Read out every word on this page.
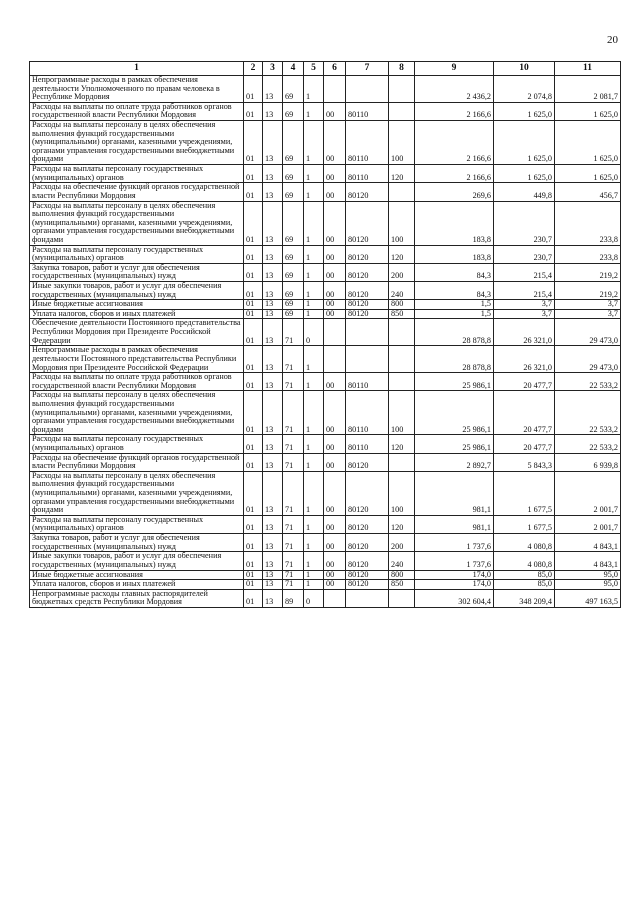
20
1	2	3	4	5	6	7	8	9	10	11
Непрограммные расходы в рамках обеспечения деятельности Уполномоченного по правам человека в Республике Мордовия	01	13	69	1				2 436,2	2 074,8	2 081,7
Расходы на выплаты по оплате труда работников органов государственной власти Республики Мордовия	01	13	69	1	00	80110		2 166,6	1 625,0	1 625,0
Расходы на выплаты персоналу в целях обеспечения выполнения функций государственными (муниципальными) органами, казенными учреждениями, органами управления государственными внебюджетными фондами	01	13	69	1	00	80110	100	2 166,6	1 625,0	1 625,0
Расходы на выплаты персоналу государственных (муниципальных) органов	01	13	69	1	00	80110	120	2 166,6	1 625,0	1 625,0
Расходы на обеспечение функций органов государственной власти Республики Мордовия	01	13	69	1	00	80120		269,6	449,8	456,7
Расходы на выплаты персоналу в целях обеспечения выполнения функций государственными (муниципальными) органами, казенными учреждениями, органами управления государственными внебюджетными фондами	01	13	69	1	00	80120	100	183,8	230,7	233,8
Расходы на выплаты персоналу государственных (муниципальных) органов	01	13	69	1	00	80120	120	183,8	230,7	233,8
Закупка товаров, работ и услуг для обеспечения государственных (муниципальных) нужд	01	13	69	1	00	80120	200	84,3	215,4	219,2
Иные закупки товаров, работ и услуг для обеспечения государственных (муниципальных) нужд	01	13	69	1	00	80120	240	84,3	215,4	219,2
Иные бюджетные ассигнования	01	13	69	1	00	80120	800	1,5	3,7	3,7
Уплата налогов, сборов и иных платежей	01	13	69	1	00	80120	850	1,5	3,7	3,7
Обеспечение деятельности Постоянного представительства Республики Мордовия при Президенте Российской Федерации	01	13	71	0				28 878,8	26 321,0	29 473,0
Непрограммные расходы в рамках обеспечения деятельности Постоянного представительства Республики Мордовия при Президенте Российской Федерации	01	13	71	1				28 878,8	26 321,0	29 473,0
Расходы на выплаты по оплате труда работников органов государственной власти Республики Мордовия	01	13	71	1	00	80110		25 986,1	20 477,7	22 533,2
Расходы на выплаты персоналу в целях обеспечения выполнения функций государственными (муниципальными) органами, казенными учреждениями, органами управления государственными внебюджетными фондами	01	13	71	1	00	80110	100	25 986,1	20 477,7	22 533,2
Расходы на выплаты персоналу государственных (муниципальных) органов	01	13	71	1	00	80110	120	25 986,1	20 477,7	22 533,2
Расходы на обеспечение функций органов государственной власти Республики Мордовия	01	13	71	1	00	80120		2 892,7	5 843,3	6 939,8
Расходы на выплаты персоналу в целях обеспечения выполнения функций государственными (муниципальными) органами, казенными учреждениями, органами управления государственными внебюджетными фондами	01	13	71	1	00	80120	100	981,1	1 677,5	2 001,7
Расходы на выплаты персоналу государственных (муниципальных) органов	01	13	71	1	00	80120	120	981,1	1 677,5	2 001,7
Закупка товаров, работ и услуг для обеспечения государственных (муниципальных) нужд	01	13	71	1	00	80120	200	1 737,6	4 080,8	4 843,1
Иные закупки товаров, работ и услуг для обеспечения государственных (муниципальных) нужд	01	13	71	1	00	80120	240	1 737,6	4 080,8	4 843,1
Иные бюджетные ассигнования	01	13	71	1	00	80120	800	174,0	85,0	95,0
Уплата налогов, сборов и иных платежей	01	13	71	1	00	80120	850	174,0	85,0	95,0
Непрограммные расходы главных распорядителей бюджетных средств Республики Мордовия	01	13	89	0				302 604,4	348 209,4	497 163,5
